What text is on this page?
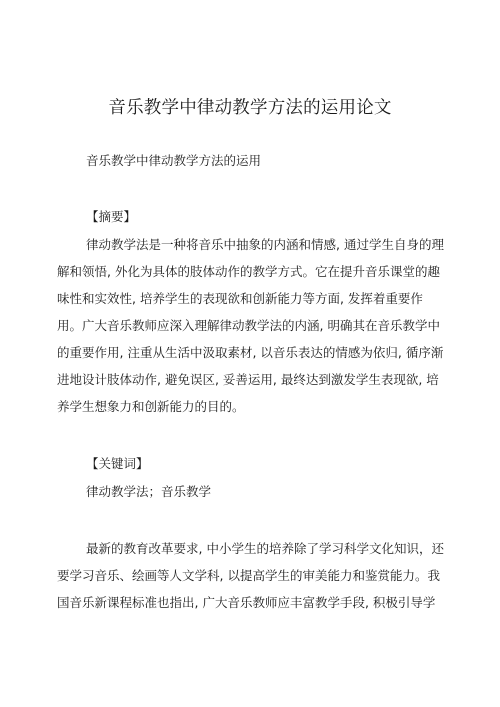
音乐教学中律动教学方法的运用论文
音乐教学中律动教学方法的运用
【摘要】
律动教学法是一种将音乐中抽象的内涵和情感, 通过学生自身的理
解和领悟, 外化为具体的肢体动作的教学方式。它在提升音乐课堂的趣
味性和实效性, 培养学生的表现欲和创新能力等方面, 发挥着重要作
用。广大音乐教师应深入理解律动教学法的内涵, 明确其在音乐教学中
的重要作用, 注重从生活中汲取素材, 以音乐表达的情感为依归, 循序渐
进地设计肢体动作, 避免误区, 妥善运用, 最终达到激发学生表现欲, 培
养学生想象力和创新能力的目的。
【关键词】
律动教学法；音乐教学
最新的教育改革要求, 中小学生的培养除了学习科学文化知识，还
要学习音乐、绘画等人文学科, 以提高学生的审美能力和鉴赏能力。我
国音乐新课程标准也指出, 广大音乐教师应丰富教学手段, 积极引导学
